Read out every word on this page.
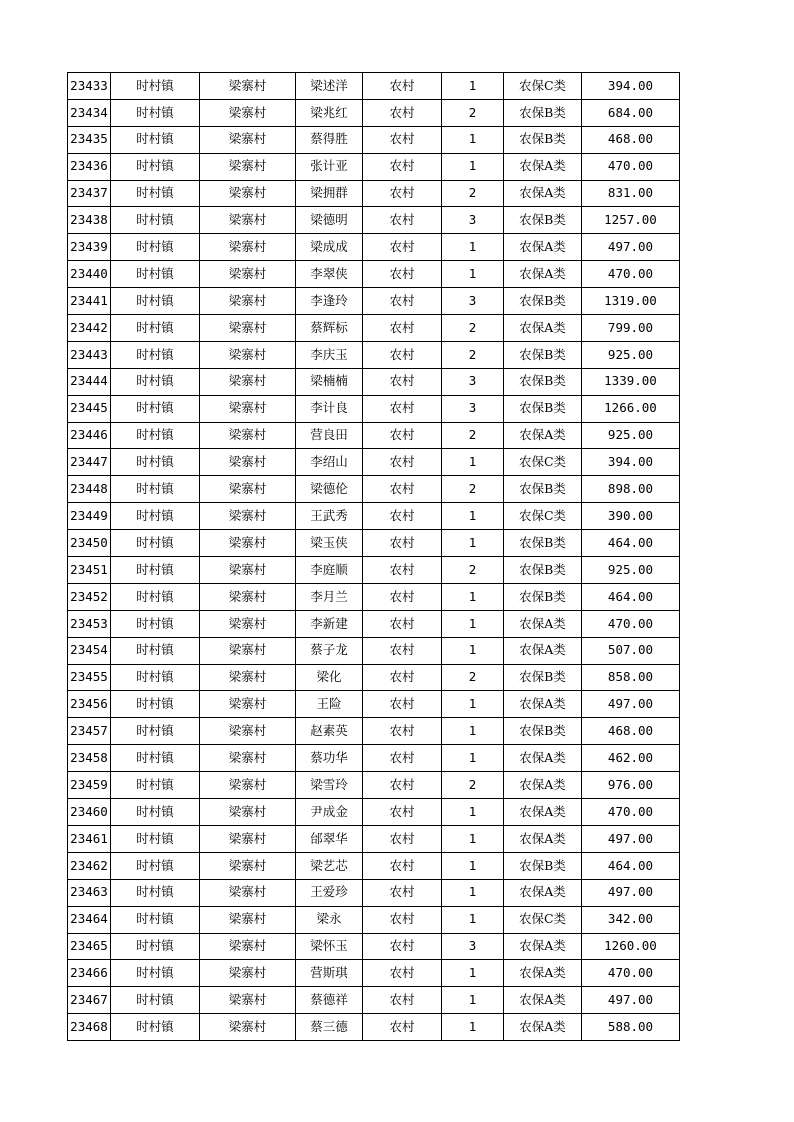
23433	时村镇	梁寨村	梁述洋	农村	1	农保C类	394.00
23434	时村镇	梁寨村	梁兆红	农村	2	农保B类	684.00
23435	时村镇	梁寨村	蔡得胜	农村	1	农保B类	468.00
23436	时村镇	梁寨村	张计亚	农村	1	农保A类	470.00
23437	时村镇	梁寨村	梁拥群	农村	2	农保A类	831.00
23438	时村镇	梁寨村	梁德明	农村	3	农保B类	1257.00
23439	时村镇	梁寨村	梁成成	农村	1	农保A类	497.00
23440	时村镇	梁寨村	李翠侠	农村	1	农保A类	470.00
23441	时村镇	梁寨村	李逢玲	农村	3	农保B类	1319.00
23442	时村镇	梁寨村	蔡辉标	农村	2	农保A类	799.00
23443	时村镇	梁寨村	李庆玉	农村	2	农保B类	925.00
23444	时村镇	梁寨村	梁楠楠	农村	3	农保B类	1339.00
23445	时村镇	梁寨村	李计良	农村	3	农保B类	1266.00
23446	时村镇	梁寨村	营良田	农村	2	农保A类	925.00
23447	时村镇	梁寨村	李绍山	农村	1	农保C类	394.00
23448	时村镇	梁寨村	梁德伦	农村	2	农保B类	898.00
23449	时村镇	梁寨村	王武秀	农村	1	农保C类	390.00
23450	时村镇	梁寨村	梁玉侠	农村	1	农保B类	464.00
23451	时村镇	梁寨村	李庭顺	农村	2	农保B类	925.00
23452	时村镇	梁寨村	李月兰	农村	1	农保B类	464.00
23453	时村镇	梁寨村	李新建	农村	1	农保A类	470.00
23454	时村镇	梁寨村	蔡子龙	农村	1	农保A类	507.00
23455	时村镇	梁寨村	梁化	农村	2	农保B类	858.00
23456	时村镇	梁寨村	王险	农村	1	农保A类	497.00
23457	时村镇	梁寨村	赵素英	农村	1	农保B类	468.00
23458	时村镇	梁寨村	蔡功华	农村	1	农保A类	462.00
23459	时村镇	梁寨村	梁雪玲	农村	2	农保A类	976.00
23460	时村镇	梁寨村	尹成金	农村	1	农保A类	470.00
23461	时村镇	梁寨村	邰翠华	农村	1	农保A类	497.00
23462	时村镇	梁寨村	梁艺芯	农村	1	农保B类	464.00
23463	时村镇	梁寨村	王爱珍	农村	1	农保A类	497.00
23464	时村镇	梁寨村	梁永	农村	1	农保C类	342.00
23465	时村镇	梁寨村	梁怀玉	农村	3	农保A类	1260.00
23466	时村镇	梁寨村	营斯琪	农村	1	农保A类	470.00
23467	时村镇	梁寨村	蔡德祥	农村	1	农保A类	497.00
23468	时村镇	梁寨村	蔡三德	农村	1	农保A类	588.00
